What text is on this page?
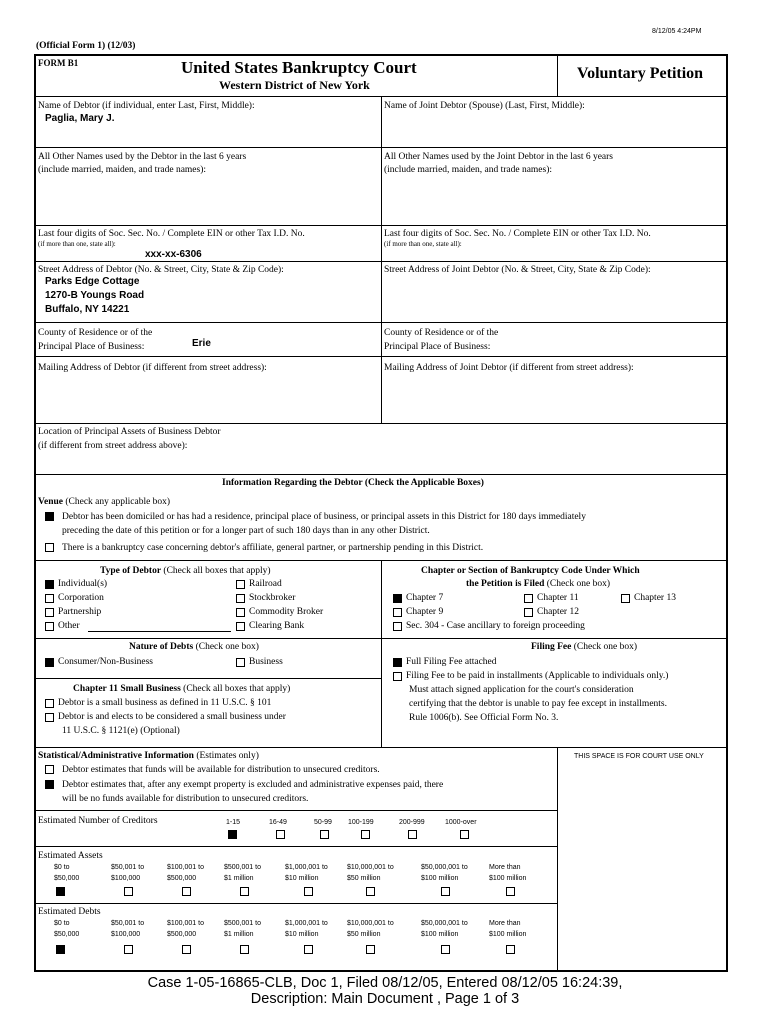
8/12/05 4:24PM
(Official Form 1) (12/03)
FORM B1	United States Bankruptcy Court
Western District of New York
Voluntary Petition
Name of Debtor (if individual, enter Last, First, Middle):
Paglia, Mary J.
Name of Joint Debtor (Spouse) (Last, First, Middle):
All Other Names used by the Debtor in the last 6 years
(include married, maiden, and trade names):
All Other Names used by the Joint Debtor in the last 6 years
(include married, maiden, and trade names):
Last four digits of Soc. Sec. No. / Complete EIN or other Tax I.D. No.
(if more than one, state all):
xxx-xx-6306
Last four digits of Soc. Sec. No. / Complete EIN or other Tax I.D. No.
(if more than one, state all):
Street Address of Debtor (No. & Street, City, State & Zip Code):
Parks Edge Cottage
1270-B Youngs Road
Buffalo, NY 14221
Street Address of Joint Debtor (No. & Street, City, State & Zip Code):
County of Residence or of the
Principal Place of Business:	Erie
County of Residence or of the
Principal Place of Business:
Mailing Address of Debtor (if different from street address):	Mailing Address of Joint Debtor (if different from street address):
Location of Principal Assets of Business Debtor
(if different from street address above):
Information Regarding the Debtor (Check the Applicable Boxes)
Venue (Check any applicable box)
Debtor has been domiciled or has had a residence, principal place of business, or principal assets in this District for 180 days immediately
preceding the date of this petition or for a longer part of such 180 days than in any other District.
There is a bankruptcy case concerning debtor's affiliate, general partner, or partnership pending in this District.
Type of Debtor (Check all boxes that apply)
Individual(s)
Corporation
Partnership
Other
Railroad
Stockbroker
Commodity Broker
Clearing Bank
Chapter or Section of Bankruptcy Code Under Which
the Petition is Filed (Check one box)
Chapter 7
Chapter 9
Chapter 11
Chapter 12
Chapter 13
Sec. 304 - Case ancillary to foreign proceeding
Nature of Debts (Check one box)
Consumer/Non-Business	Business
Filing Fee (Check one box)
Full Filing Fee attached
Filing Fee to be paid in installments (Applicable to individuals only.)
Must attach signed application for the court's consideration
certifying that the debtor is unable to pay fee except in installments.
Rule 1006(b). See Official Form No. 3.
Chapter 11 Small Business (Check all boxes that apply)
Debtor is a small business as defined in 11 U.S.C. § 101
Debtor is and elects to be considered a small business under
11 U.S.C. § 1121(e) (Optional)
Statistical/Administrative Information (Estimates only)	THIS SPACE IS FOR COURT USE ONLY
Debtor estimates that funds will be available for distribution to unsecured creditors.
Debtor estimates that, after any exempt property is excluded and administrative expenses paid, there
will be no funds available for distribution to unsecured creditors.
Estimated Number of Creditors	1-15	16-49	50-99 100-199	200-999	1000-over
Estimated Assets
$0 to	$50,001 to	$100,001 to	$500,001 to	$1,000,001 to	$10,000,001 to	$50,000,001 to	More than
$50,000	$100,000	$500,000	$1 million	$10 million	$50 million	$100 million	$100 million
Estimated Debts
$0 to	$50,001 to	$100,001 to	$500,001 to	$1,000,001 to	$10,000,001 to	$50,000,001 to	More than
$50,000	$100,000	$500,000	$1 million	$10 million	$50 million	$100 million	$100 million
Case 1-05-16865-CLB, Doc 1, Filed 08/12/05, Entered 08/12/05 16:24:39,
Description: Main Document , Page 1 of 3
